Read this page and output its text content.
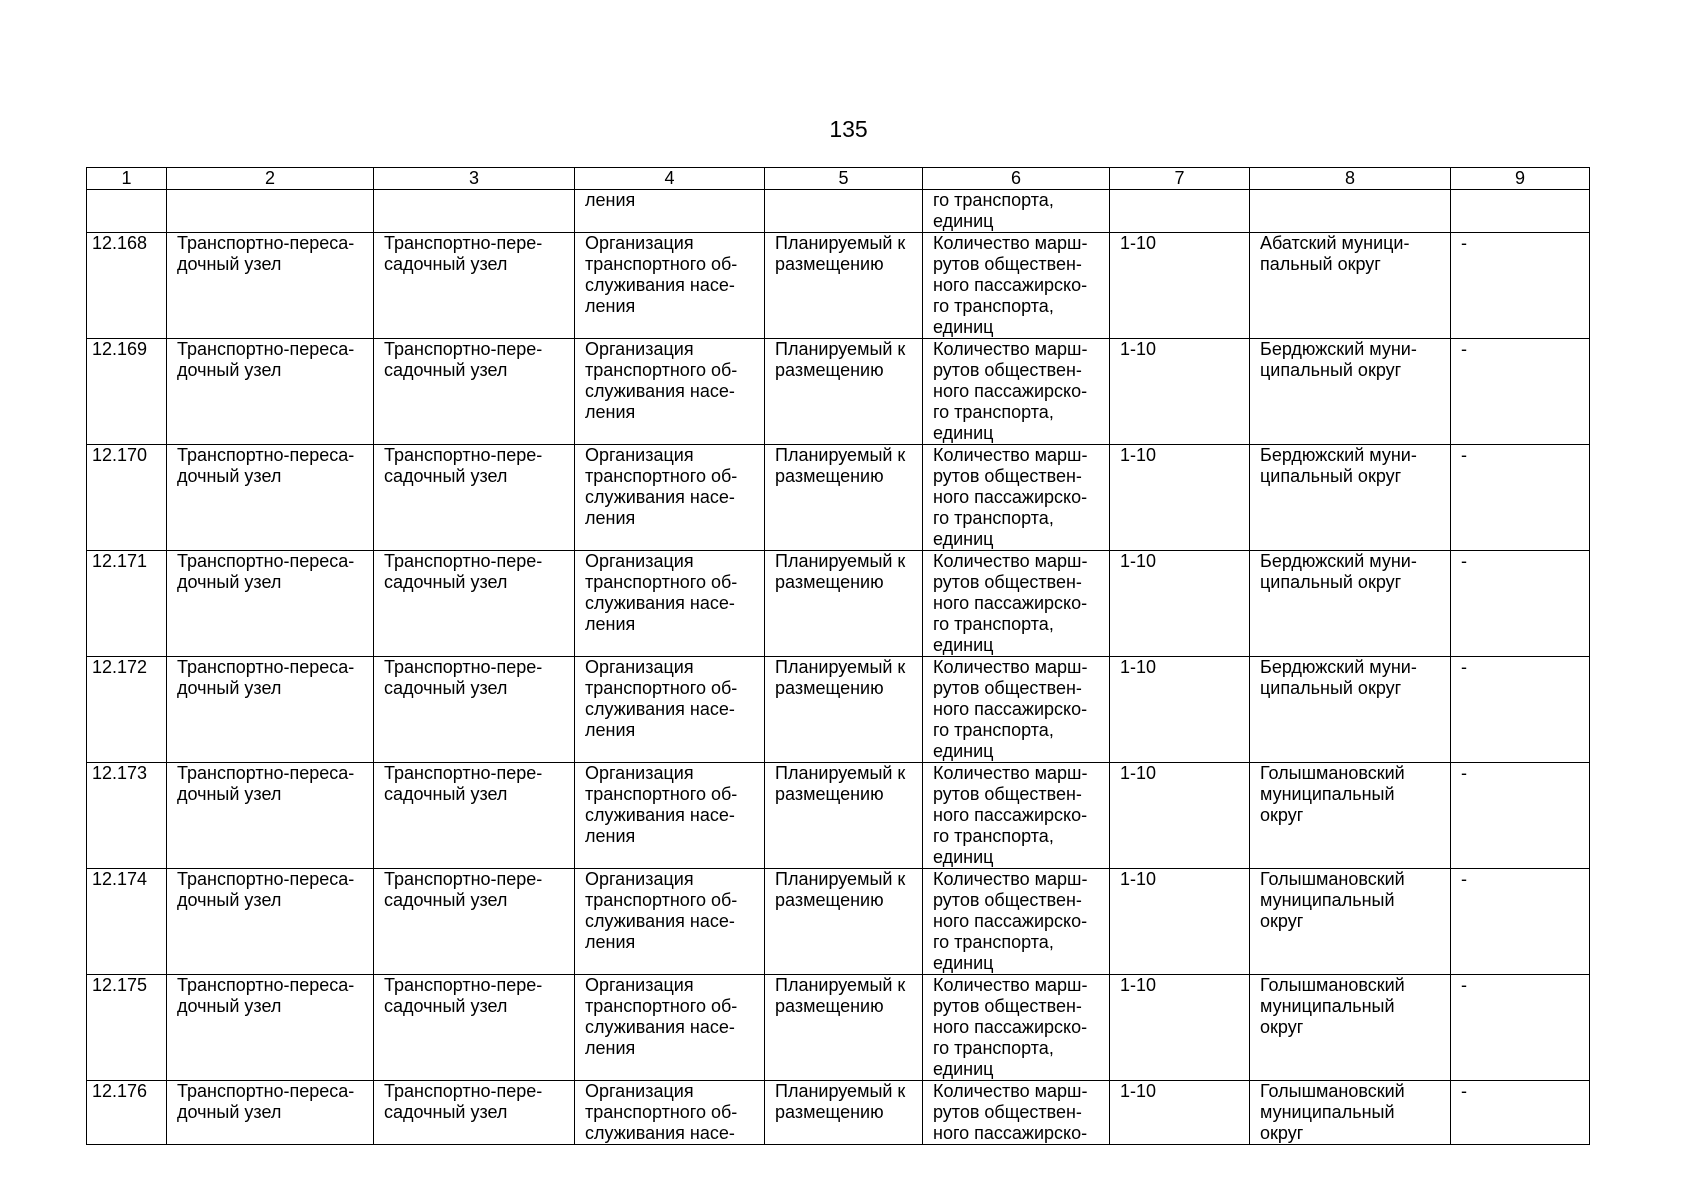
135
1	2	3	4	5	6	7	8	9
			ления		го транспорта,
единиц			
12.168	Транспортно-переса-
дочный узел	Транспортно-пере-
садочный узел	Организация
транспортного об-
служивания насе-
ления	Планируемый к
размещению	Количество марш-
рутов обществен-
ного пассажирско-
го транспорта,
единиц	1-10	Абатский муници-
пальный округ	-
12.169	Транспортно-переса-
дочный узел	Транспортно-пере-
садочный узел	Организация
транспортного об-
служивания насе-
ления	Планируемый к
размещению	Количество марш-
рутов обществен-
ного пассажирско-
го транспорта,
единиц	1-10	Бердюжский муни-
ципальный округ	-
12.170	Транспортно-переса-
дочный узел	Транспортно-пере-
садочный узел	Организация
транспортного об-
служивания насе-
ления	Планируемый к
размещению	Количество марш-
рутов обществен-
ного пассажирско-
го транспорта,
единиц	1-10	Бердюжский муни-
ципальный округ	-
12.171	Транспортно-переса-
дочный узел	Транспортно-пере-
садочный узел	Организация
транспортного об-
служивания насе-
ления	Планируемый к
размещению	Количество марш-
рутов обществен-
ного пассажирско-
го транспорта,
единиц	1-10	Бердюжский муни-
ципальный округ	-
12.172	Транспортно-переса-
дочный узел	Транспортно-пере-
садочный узел	Организация
транспортного об-
служивания насе-
ления	Планируемый к
размещению	Количество марш-
рутов обществен-
ного пассажирско-
го транспорта,
единиц	1-10	Бердюжский муни-
ципальный округ	-
12.173	Транспортно-переса-
дочный узел	Транспортно-пере-
садочный узел	Организация
транспортного об-
служивания насе-
ления	Планируемый к
размещению	Количество марш-
рутов обществен-
ного пассажирско-
го транспорта,
единиц	1-10	Голышмановский
муниципальный
округ	-
12.174	Транспортно-переса-
дочный узел	Транспортно-пере-
садочный узел	Организация
транспортного об-
служивания насе-
ления	Планируемый к
размещению	Количество марш-
рутов обществен-
ного пассажирско-
го транспорта,
единиц	1-10	Голышмановский
муниципальный
округ	-
12.175	Транспортно-переса-
дочный узел	Транспортно-пере-
садочный узел	Организация
транспортного об-
служивания насе-
ления	Планируемый к
размещению	Количество марш-
рутов обществен-
ного пассажирско-
го транспорта,
единиц	1-10	Голышмановский
муниципальный
округ	-
12.176	Транспортно-переса-
дочный узел	Транспортно-пере-
садочный узел	Организация
транспортного об-
служивания насе-	Планируемый к
размещению	Количество марш-
рутов обществен-
ного пассажирско-	1-10	Голышмановский
муниципальный
округ	-
